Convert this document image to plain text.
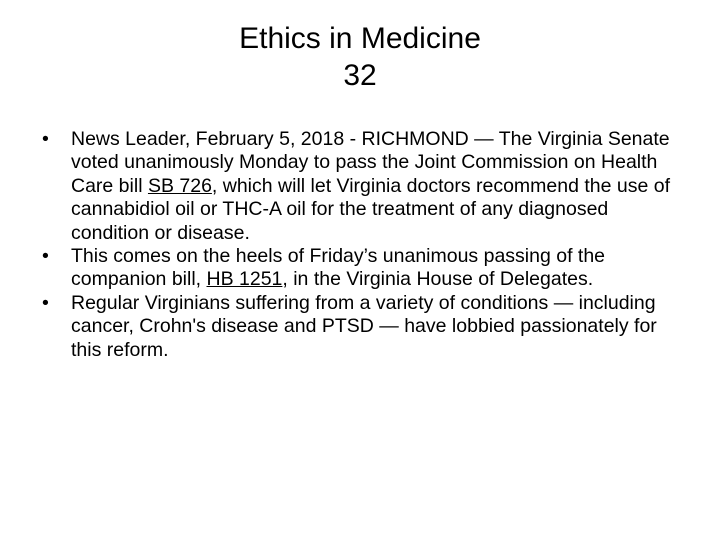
Ethics in Medicine
32
• News Leader, February 5, 2018 - RICHMOND — The Virginia Senate voted unanimously Monday to pass the Joint Commission on Health Care bill SB 726, which will let Virginia doctors recommend the use of cannabidiol oil or THC-A oil for the treatment of any diagnosed condition or disease.
• This comes on the heels of Friday’s unanimous passing of the companion bill, HB 1251, in the Virginia House of Delegates.
• Regular Virginians suffering from a variety of conditions — including cancer, Crohn's disease and PTSD — have lobbied passionately for this reform.
